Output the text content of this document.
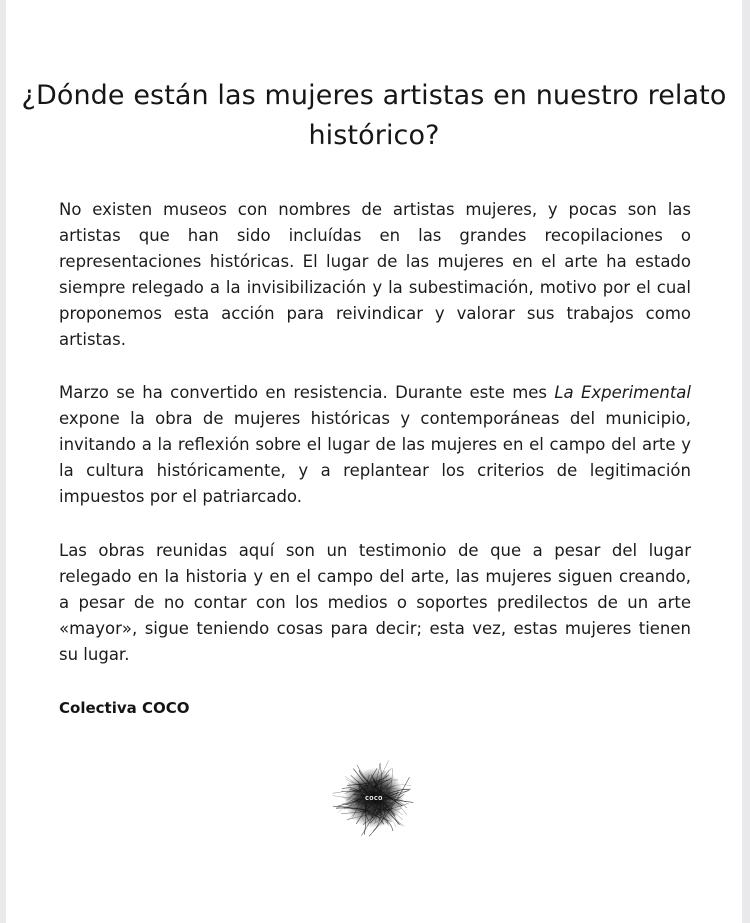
¿Dónde están las mujeres artistas en nuestro relato histórico?

No existen museos con nombres de artistas mujeres, y pocas son las artistas que han sido incluídas en las grandes recopilaciones o representaciones históricas. El lugar de las mujeres en el arte ha estado siempre relegado a la invisibilización y la subestimación, motivo por el cual proponemos esta acción para reivindicar y valorar sus trabajos como artistas.

Marzo se ha convertido en resistencia. Durante este mes La Experimental expone la obra de mujeres históricas y contemporáneas del municipio, invitando a la reflexión sobre el lugar de las mujeres en el campo del arte y la cultura históricamente, y a replantear los criterios de legitimación impuestos por el patriarcado.

Las obras reunidas aquí son un testimonio de que a pesar del lugar relegado en la historia y en el campo del arte, las mujeres siguen creando, a pesar de no contar con los medios o soportes predilectos de un arte «mayor», sigue teniendo cosas para decir; esta vez, estas mujeres tienen su lugar.

Colectiva COCO

COCO
